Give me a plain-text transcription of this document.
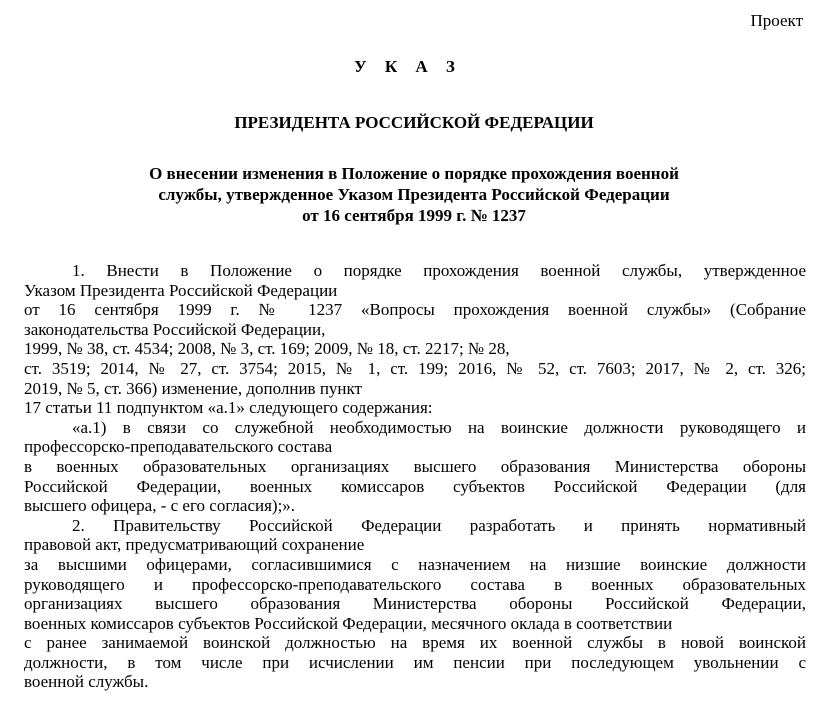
Проект
У К А З
ПРЕЗИДЕНТА РОССИЙСКОЙ ФЕДЕРАЦИИ
О внесении изменения в Положение о порядке прохождения военной
службы, утвержденное Указом Президента Российской Федерации
от 16 сентября 1999 г. № 1237
1. Внести в Положение о порядке прохождения военной службы, утвержденное
Указом Президента Российской Федерации
от 16 сентября 1999 г. № 1237 «Вопросы прохождения военной службы» (Собрание
законодательства Российской Федерации,
1999, № 38, ст. 4534; 2008, № 3, ст. 169; 2009, № 18, ст. 2217; № 28,
ст. 3519; 2014, № 27, ст. 3754; 2015, № 1, ст. 199; 2016, № 52, ст. 7603; 2017, № 2, ст. 326;
2019, № 5, ст. 366) изменение, дополнив пункт
17 статьи 11 подпунктом «а.1» следующего содержания:
«а.1) в связи со служебной необходимостью на воинские должности руководящего и
профессорско-преподавательского состава
в военных образовательных организациях высшего образования Министерства обороны
Российской Федерации, военных комиссаров субъектов Российской Федерации (для
высшего офицера, - с его согласия);».
2. Правительству Российской Федерации разработать и принять нормативный
правовой акт, предусматривающий сохранение
за высшими офицерами, согласившимися с назначением на низшие воинские должности
руководящего и профессорско-преподавательского состава в военных образовательных
организациях высшего образования Министерства обороны Российской Федерации,
военных комиссаров субъектов Российской Федерации, месячного оклада в соответствии
с ранее занимаемой воинской должностью на время их военной службы в новой воинской
должности, в том числе при исчислении им пенсии при последующем увольнении с
военной службы.
